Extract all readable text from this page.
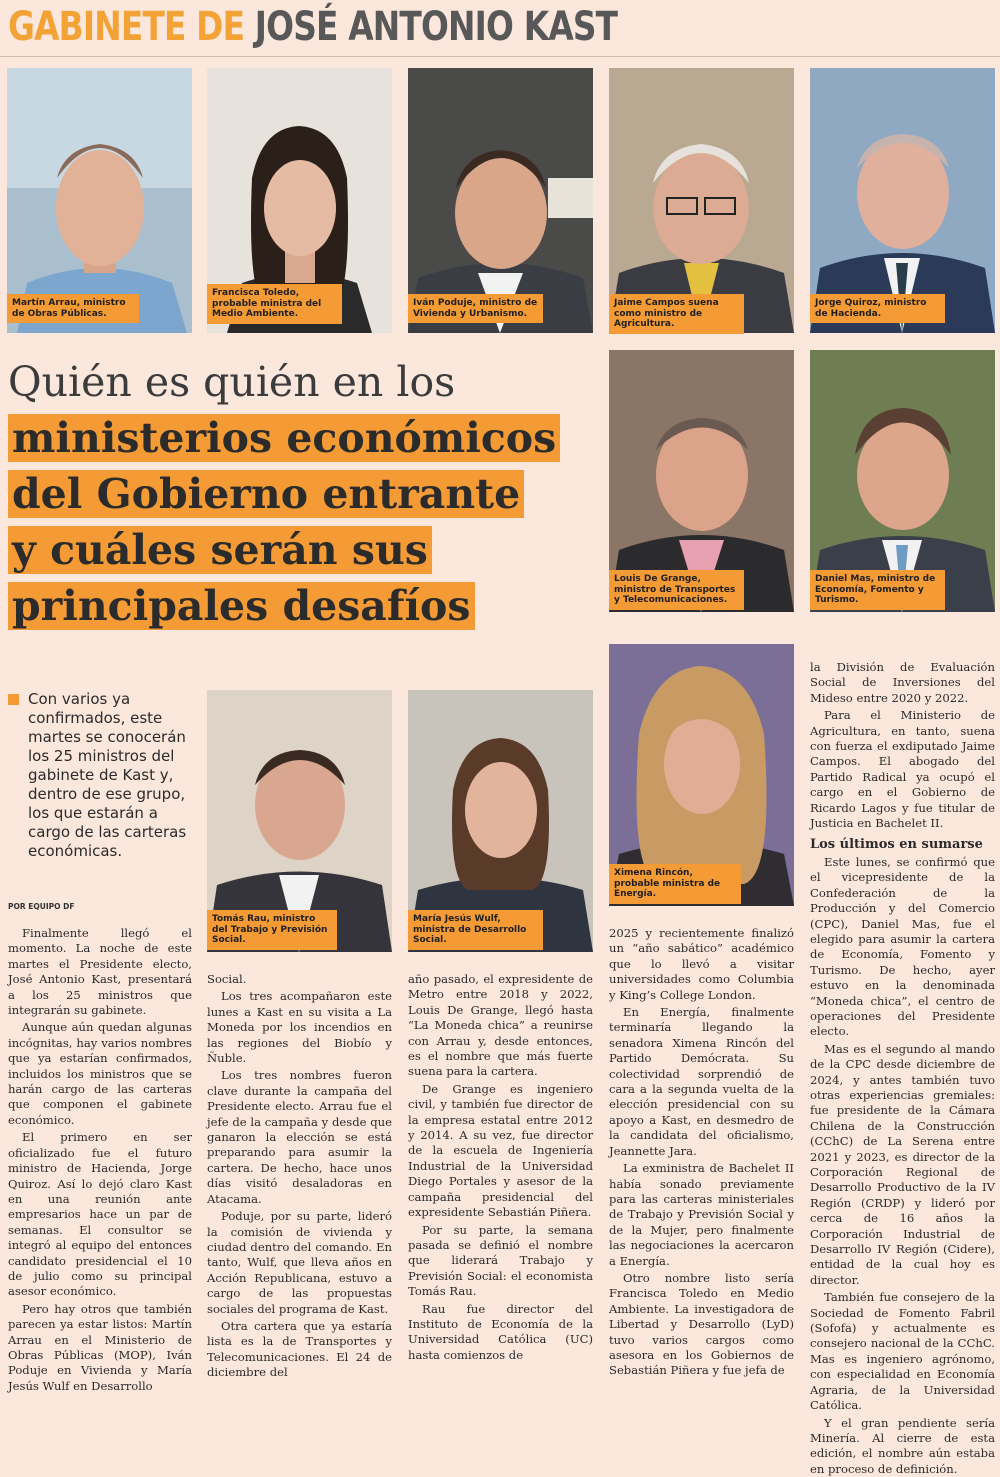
GABINETE DE JOSÉ ANTONIO KAST
Martín Arrau, ministro de Obras Públicas.
Francisca Toledo, probable ministra del Medio Ambiente.
Iván Poduje, ministro de Vivienda y Urbanismo.
Jaime Campos suena como ministro de Agricultura.
Jorge Quiroz, ministro de Hacienda.
Quién es quién en los
ministerios económicos
del Gobierno entrante
y cuáles serán sus
principales desafíos
Louis De Grange, ministro de Transportes y Telecomunicaciones.
Daniel Mas, ministro de Economía, Fomento y Turismo.
Tomás Rau, ministro del Trabajo y Previsión Social.
María Jesús Wulf, ministra de Desarrollo Social.
Ximena Rincón, probable ministra de Energía.

Con varios ya confirmados, este martes se conocerán los 25 ministros del gabinete de Kast y, dentro de ese grupo, los que estarán a cargo de las carteras económicas.

POR EQUIPO DF

Finalmente llegó el momento. La noche de este martes el Presidente electo, José Antonio Kast, presentará a los 25 ministros que integrarán su gabinete.

Aunque aún quedan algunas incógnitas, hay varios nombres que ya estarían confirmados, incluidos los ministros que se harán cargo de las carteras que componen el gabinete económico.

El primero en ser oficializado fue el futuro ministro de Hacienda, Jorge Quiroz. Así lo dejó claro Kast en una reunión ante empresarios hace un par de semanas. El consultor se integró al equipo del entonces candidato presidencial el 10 de julio como su principal asesor económico.

Pero hay otros que también parecen ya estar listos: Martín Arrau en el Ministerio de Obras Públicas (MOP), Iván Poduje en Vivienda y María Jesús Wulf en Desarrollo

Social.

Los tres acompañaron este lunes a Kast en su visita a La Moneda por los incendios en las regiones del Biobío y Ñuble.

Los tres nombres fueron clave durante la campaña del Presidente electo. Arrau fue el jefe de la campaña y desde que ganaron la elección se está preparando para asumir la cartera. De hecho, hace unos días visitó desaladoras en Atacama.

Poduje, por su parte, lideró la comisión de vivienda y ciudad dentro del comando. En tanto, Wulf, que lleva años en Acción Republicana, estuvo a cargo de las propuestas sociales del programa de Kast.

Otra cartera que ya estaría lista es la de Transportes y Telecomunicaciones. El 24 de diciembre del

año pasado, el expresidente de Metro entre 2018 y 2022, Louis De Grange, llegó hasta “La Moneda chica” a reunirse con Arrau y, desde entonces, es el nombre que más fuerte suena para la cartera.

De Grange es ingeniero civil, y también fue director de la empresa estatal entre 2012 y 2014. A su vez, fue director de la escuela de Ingeniería Industrial de la Universidad Diego Portales y asesor de la campaña presidencial del expresidente Sebastián Piñera.

Por su parte, la semana pasada se definió el nombre que liderará Trabajo y Previsión Social: el economista Tomás Rau.

Rau fue director del Instituto de Economía de la Universidad Católica (UC) hasta comienzos de

2025 y recientemente finalizó un “año sabático” académico que lo llevó a visitar universidades como Columbia y King’s College London.

En Energía, finalmente terminaría llegando la senadora Ximena Rincón del Partido Demócrata. Su colectividad sorprendió de cara a la segunda vuelta de la elección presidencial con su apoyo a Kast, en desmedro de la candidata del oficialismo, Jeannette Jara.

La exministra de Bachelet II había sonado previamente para las carteras ministeriales de Trabajo y Previsión Social y de la Mujer, pero finalmente las negociaciones la acercaron a Energía.

Otro nombre listo sería Francisca Toledo en Medio Ambiente. La investigadora de Libertad y Desarrollo (LyD) tuvo varios cargos como asesora en los Gobiernos de Sebastián Piñera y fue jefa de

la División de Evaluación Social de Inversiones del Mideso entre 2020 y 2022.

Para el Ministerio de Agricultura, en tanto, suena con fuerza el exdiputado Jaime Campos. El abogado del Partido Radical ya ocupó el cargo en el Gobierno de Ricardo Lagos y fue titular de Justicia en Bachelet II.

Los últimos en sumarse

Este lunes, se confirmó que el vicepresidente de la Confederación de la Producción y del Comercio (CPC), Daniel Mas, fue el elegido para asumir la cartera de Economía, Fomento y Turismo. De hecho, ayer estuvo en la denominada “Moneda chica”, el centro de operaciones del Presidente electo.

Mas es el segundo al mando de la CPC desde diciembre de 2024, y antes también tuvo otras experiencias gremiales: fue presidente de la Cámara Chilena de la Construcción (CChC) de La Serena entre 2021 y 2023, es director de la Corporación Regional de Desarrollo Productivo de la IV Región (CRDP) y lideró por cerca de 16 años la Corporación Industrial de Desarrollo IV Región (Cidere), entidad de la cual hoy es director.

También fue consejero de la Sociedad de Fomento Fabril (Sofofa) y actualmente es consejero nacional de la CChC. Mas es ingeniero agrónomo, con especialidad en Economía Agraria, de la Universidad Católica.

Y el gran pendiente sería Minería. Al cierre de esta edición, el nombre aún estaba en proceso de definición.
